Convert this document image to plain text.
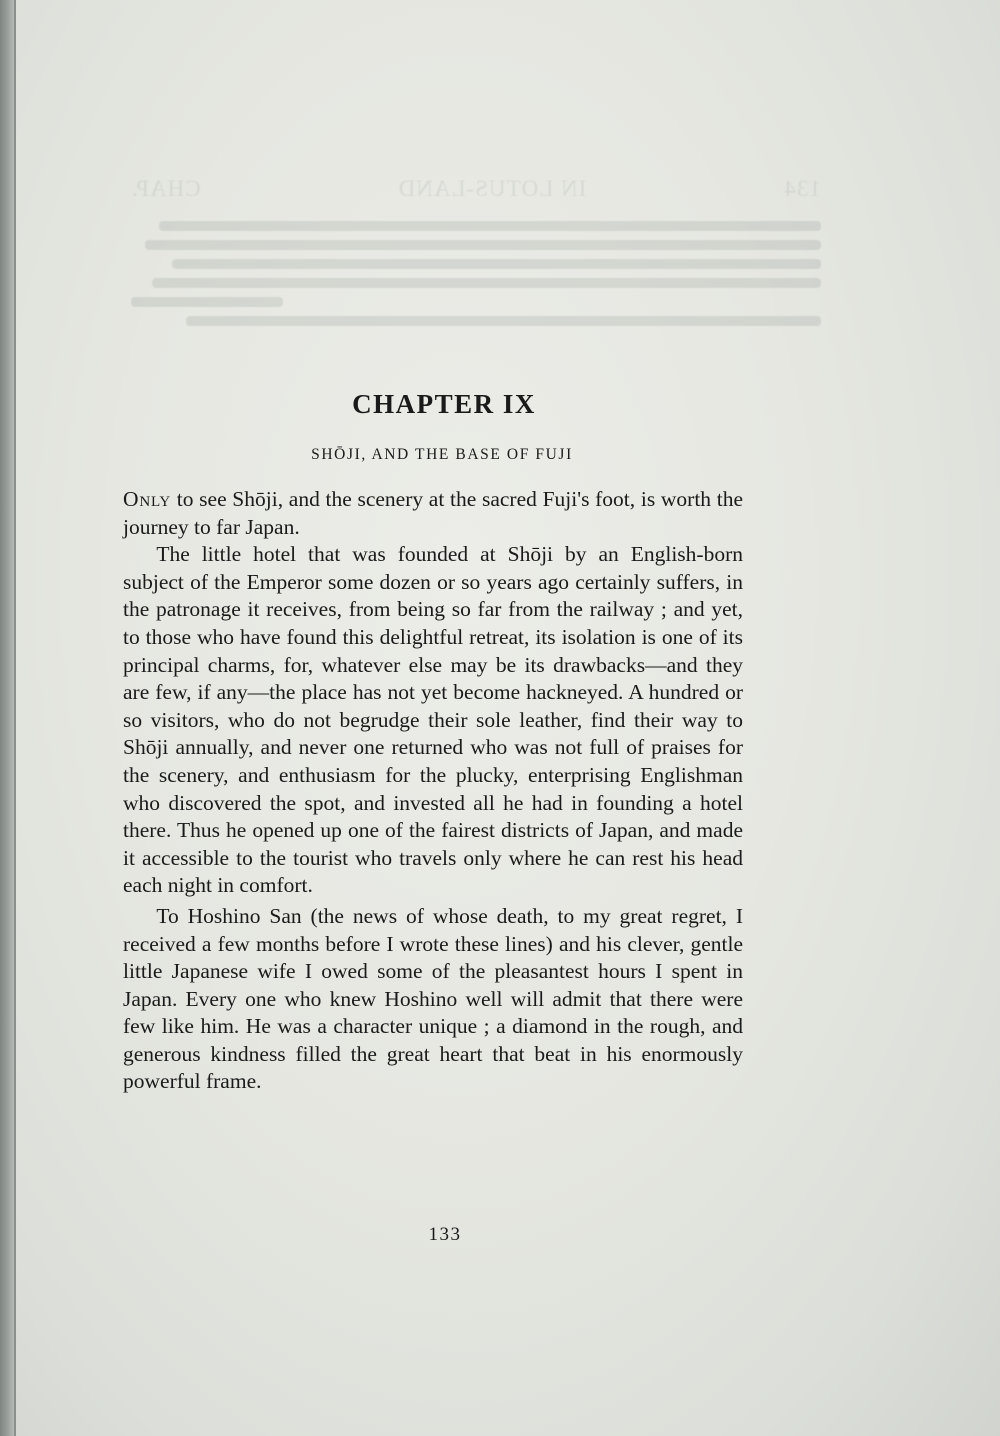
134
IN LOTUS-LAND
CHAP.
CHAPTER IX
SHŌJI, AND THE BASE OF FUJI

Only to see Shōji, and the scenery at the sacred Fuji's foot, is worth the journey to far Japan.

The little hotel that was founded at Shōji by an English-born subject of the Emperor some dozen or so years ago certainly suffers, in the patronage it receives, from being so far from the railway ; and yet, to those who have found this delightful retreat, its isolation is one of its principal charms, for, whatever else may be its drawbacks—and they are few, if any—the place has not yet become hackneyed. A hundred or so visitors, who do not begrudge their sole leather, find their way to Shōji annually, and never one returned who was not full of praises for the scenery, and enthusiasm for the plucky, enterprising Englishman who discovered the spot, and invested all he had in founding a hotel there. Thus he opened up one of the fairest districts of Japan, and made it accessible to the tourist who travels only where he can rest his head each night in comfort.

To Hoshino San (the news of whose death, to my great regret, I received a few months before I wrote these lines) and his clever, gentle little Japanese wife I owed some of the pleasantest hours I spent in Japan. Every one who knew Hoshino well will admit that there were few like him. He was a character unique ; a diamond in the rough, and generous kindness filled the great heart that beat in his enormously powerful frame.

133
